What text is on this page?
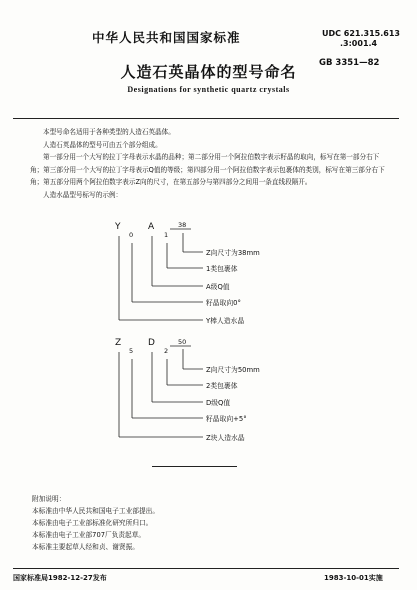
中华人民共和国国家标准	UDC 621.315.613
.3:001.4
GB 3351—82
人造石英晶体的型号命名
Designations for synthetic quartz crystals

本型号命名适用于各种类型的人造石英晶体。

人造石英晶体的型号可由五个部分组成。

第一部分用一个大写的拉丁字母表示水晶的品种；第二部分用一个阿拉伯数字表示籽晶的取向，标写在第一部分右下角；第三部分用一个大写的拉丁字母表示Q值的等级；第四部分用一个阿拉伯数字表示包裹体的类别，标写在第三部分右下角；第五部分用两个阿拉伯数字表示Z向的尺寸，在第五部分与第四部分之间用一条直线段隔开。

人造水晶型号标写的示例：

Y
0
A
1
38
Z向尺寸为38mm
1类包裹体
A级Q值
籽晶取向0°
Y棒人造水晶
Z
5
D
2
50
Z向尺寸为50mm
2类包裹体
D级Q值
籽晶取向+5°
Z块人造水晶

附加说明：

本标准由中华人民共和国电子工业部提出。

本标准由电子工业部标准化研究所归口。

本标准由电子工业部707厂负责起草。

本标准主要起草人经和贞、谢贤振。

国家标准局1982-12-27发布	1983-10-01实施
